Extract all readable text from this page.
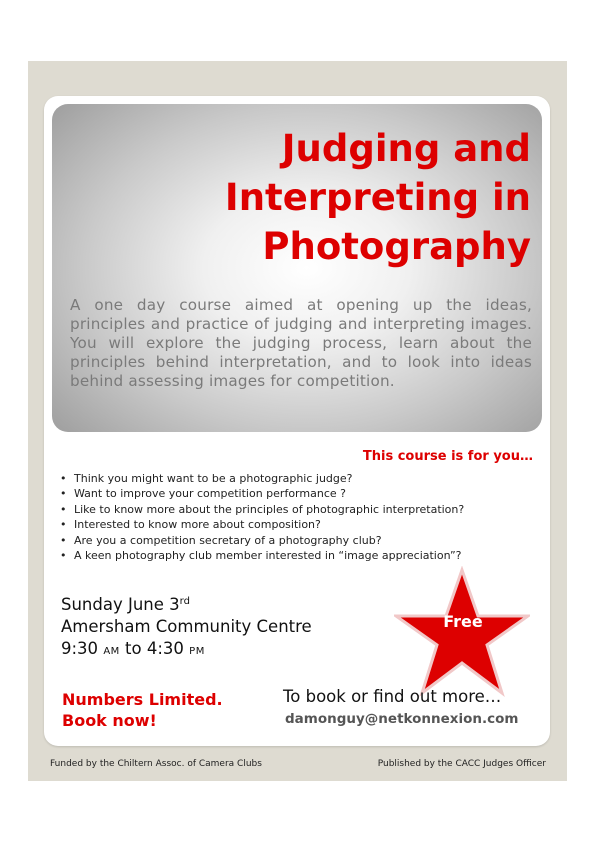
Judging and
Interpreting in
Photography

A one day course aimed at opening up the ideas, principles and practice of judging and interpreting images. You will explore the judging process, learn about the principles behind interpretation, and to look into ideas behind assessing images for competition.

This course is for you…
• Think you might want to be a photographic judge?
• Want to improve your competition performance ?
• Like to know more about the principles of photographic interpretation?
• Interested to know more about composition?
• Are you a competition secretary of a photography club?
• A keen photography club member interested in “image appreciation”?
Sunday June 3rd
Amersham Community Centre
9:30 AM to 4:30 PM
Free
Numbers Limited.
Book now!
To book or find out more…
damonguy@netkonnexion.com
Funded by the Chiltern Assoc. of Camera Clubs	Published by the CACC Judges Officer
